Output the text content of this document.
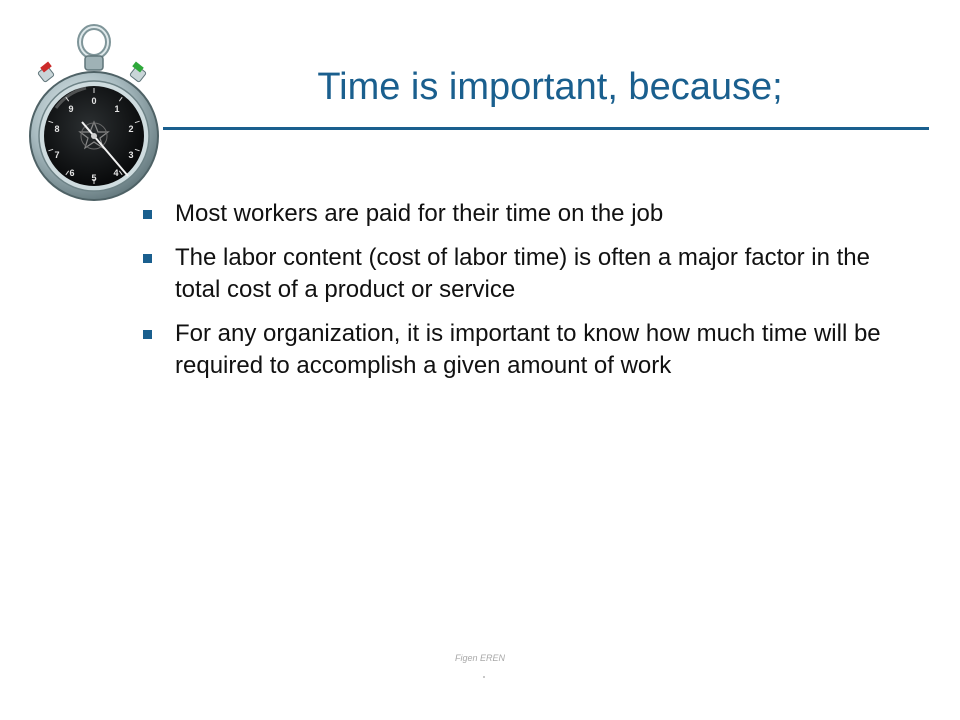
0
1
2
3
4
5
6
7
8
9
Time is important, because;
Most workers are paid for their time on the job
The labor content (cost of labor time) is often a major factor in the total cost of a product or service
For any organization, it is important to know how much time will be required to accomplish a given amount of work
Figen EREN
